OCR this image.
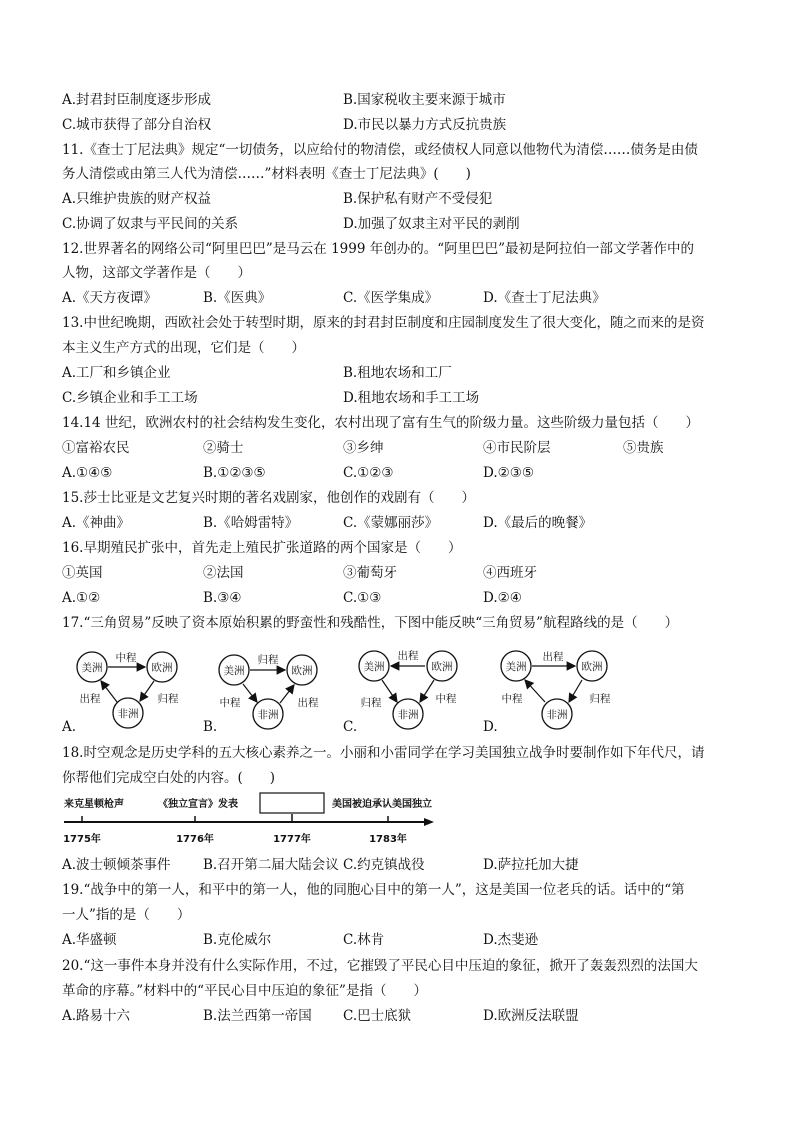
A.封君封臣制度逐步形成	B.国家税收主要来源于城市
C.城市获得了部分自治权	D.市民以暴力方式反抗贵族
11.《查士丁尼法典》规定“一切债务，以应给付的物清偿，或经债权人同意以他物代为清偿……债务是由债
务人清偿或由第三人代为清偿……”材料表明《查士丁尼法典》(　　)
A.只维护贵族的财产权益	B.保护私有财产不受侵犯
C.协调了奴隶与平民间的关系	D.加强了奴隶主对平民的剥削
12.世界著名的网络公司“阿里巴巴”是马云在 1999 年创办的。“阿里巴巴”最初是阿拉伯一部文学著作中的
人物，这部文学著作是（　　）
A.《天方夜谭》	B.《医典》	C.《医学集成》	D.《查士丁尼法典》
13.中世纪晚期，西欧社会处于转型时期，原来的封君封臣制度和庄园制度发生了很大变化，随之而来的是资
本主义生产方式的出现，它们是（　　）
A.工厂和乡镇企业	B.租地农场和工厂
C.乡镇企业和手工工场	D.租地农场和手工工场
14.14 世纪，欧洲农村的社会结构发生变化，农村出现了富有生气的阶级力量。这些阶级力量包括（　　）
①富裕农民	②骑士	③乡绅	④市民阶层	⑤贵族
A.①④⑤	B.①②③⑤	C.①②③	D.②③⑤
15.莎士比亚是文艺复兴时期的著名戏剧家，他创作的戏剧有（　　）
A.《神曲》	B.《哈姆雷特》	C.《蒙娜丽莎》	D.《最后的晚餐》
16.早期殖民扩张中，首先走上殖民扩张道路的两个国家是（　　）
①英国	②法国	③葡萄牙	④西班牙
A.①②	B.③④	C.①③	D.②④
17.“三角贸易”反映了资本原始积累的野蛮性和残酷性，下图中能反映“三角贸易”航程路线的是（　　）
美洲	欧洲
非洲
中程
出程	归程
美洲	欧洲
非洲
归程
中程	出程
美洲	欧洲
非洲
出程
归程	中程
美洲	欧洲
非洲
出程
中程	归程
A.	B.	C.	D.
18.时空观念是历史学科的五大核心素养之一。小丽和小雷同学在学习美国独立战争时要制作如下年代尺，请
你帮他们完成空白处的内容。(　　)
来克星顿枪声	《独立宣言》发表	美国被迫承认美国独立
1775年	1776年	1777年	1783年
A.波士顿倾茶事件 B.召开第二届大陆会议 C.约克镇战役	D.萨拉托加大捷
19.“战争中的第一人，和平中的第一人，他的同胞心目中的第一人”，这是美国一位老兵的话。话中的“第
一人”指的是（　　）
A.华盛顿	B.克伦威尔	C.林肯	D.杰斐逊
20.“这一事件本身并没有什么实际作用，不过，它摧毁了平民心目中压迫的象征，掀开了轰轰烈烈的法国大
革命的序幕。”材料中的“平民心目中压迫的象征”是指（　　）
A.路易十六	B.法兰西第一帝国 C.巴士底狱	D.欧洲反法联盟
